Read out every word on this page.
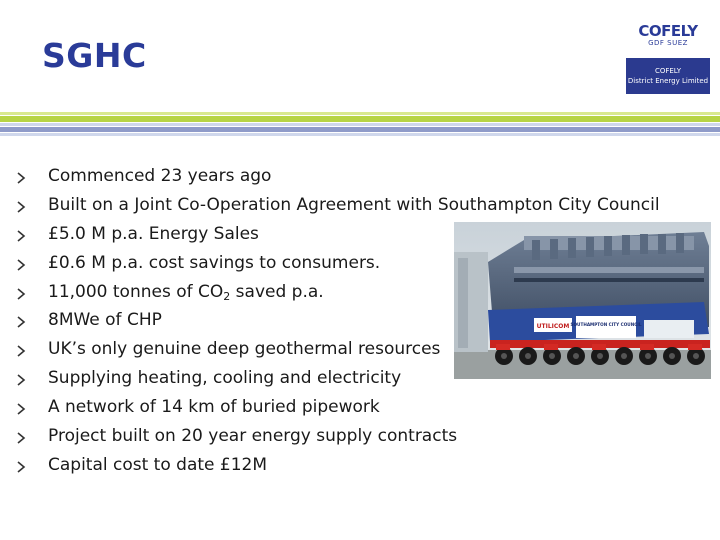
SGHC
COFELY
GDF SUEZ
COFELY
District Energy Limited
Commenced 23 years ago
Built on a Joint Co-Operation Agreement with Southampton City Council
£5.0 M p.a. Energy Sales
£0.6 M p.a. cost savings to consumers.
11,000 tonnes of $CO_2$ saved p.a.
8MWe of CHP
UK’s only genuine deep geothermal resources
Supplying heating, cooling and electricity
A network of 14 km of buried pipework
Project built on 20 year energy supply contracts
Capital cost to date £12M
UTILICOM SOUTHAMPTON CITY COUNCIL
